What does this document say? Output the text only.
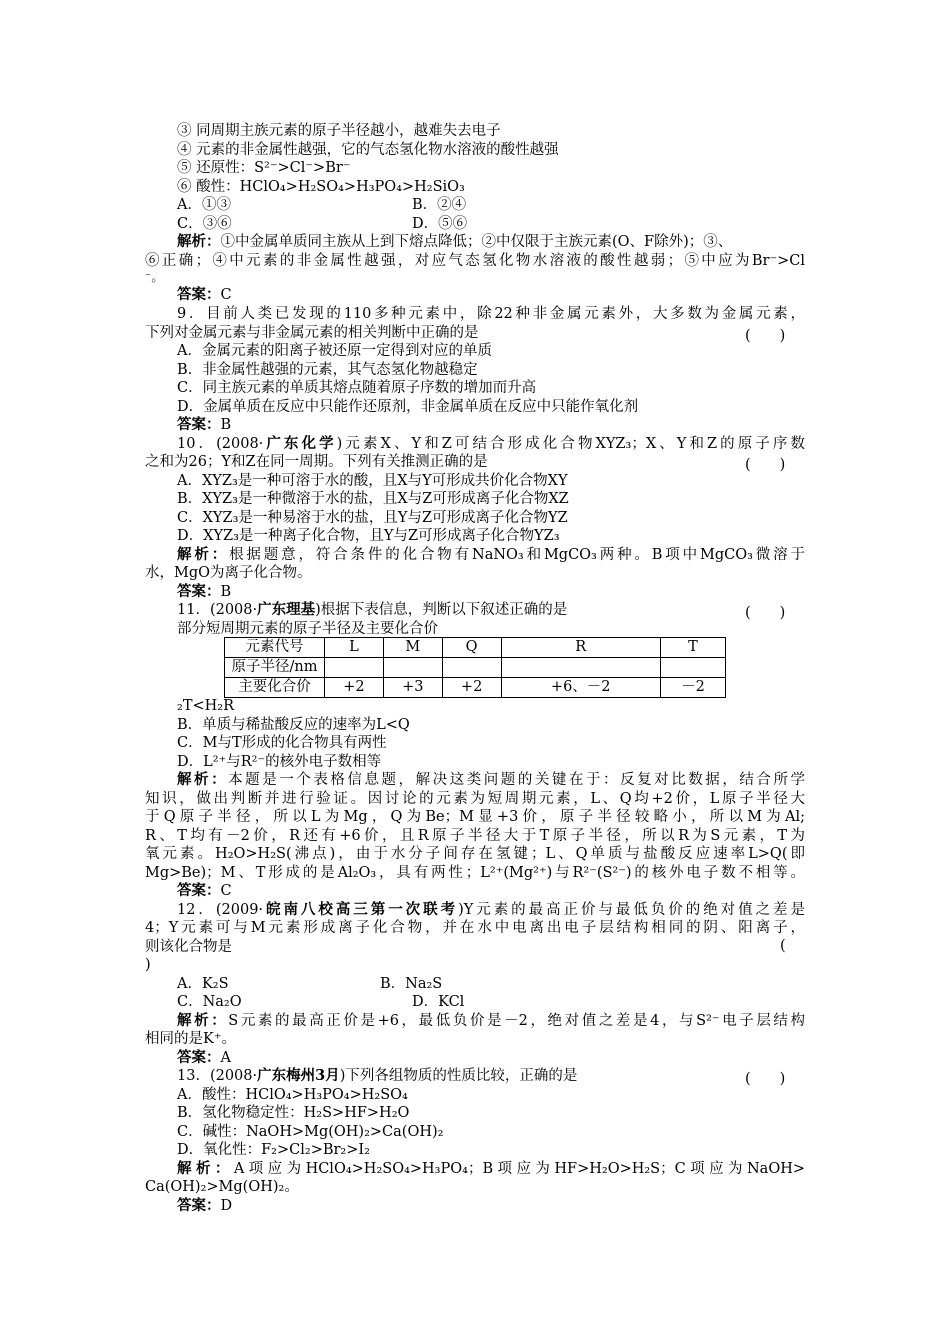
③ 同周期主族元素的原子半径越小，越难失去电子
④ 元素的非金属性越强，它的气态氢化物水溶液的酸性越强
⑤ 还原性：S²⁻>Cl⁻>Br⁻
⑥ 酸性：HClO₄>H₂SO₄>H₃PO₄>H₂SiO₃
A．①③	B．②④
C．③⑥	D．⑤⑥
解析：①中金属单质同主族从上到下熔点降低；②中仅限于主族元素(O、F除外)；③、
⑥正确；④中元素的非金属性越强，对应气态氢化物水溶液的酸性越弱；⑤中应为Br⁻>Cl
⁻。
答案：C
9．目前人类已发现的110多种元素中，除22种非金属元素外，大多数为金属元素，
下列对金属元素与非金属元素的相关判断中正确的是	(　　)
A．金属元素的阳离子被还原一定得到对应的单质
B．非金属性越强的元素，其气态氢化物越稳定
C．同主族元素的单质其熔点随着原子序数的增加而升高
D．金属单质在反应中只能作还原剂，非金属单质在反应中只能作氧化剂
答案：B
10．(2008·广东化学)元素X、Y和Z可结合形成化合物XYZ₃；X、Y和Z的原子序数
之和为26；Y和Z在同一周期。下列有关推测正确的是	(　　)
A．XYZ₃是一种可溶于水的酸，且X与Y可形成共价化合物XY
B．XYZ₃是一种微溶于水的盐，且X与Z可形成离子化合物XZ
C．XYZ₃是一种易溶于水的盐，且Y与Z可形成离子化合物YZ
D．XYZ₃是一种离子化合物，且Y与Z可形成离子化合物YZ₃
解析：根据题意，符合条件的化合物有NaNO₃和MgCO₃两种。B项中MgCO₃微溶于
水，MgO为离子化合物。
答案：B
11．(2008·广东理基)根据下表信息，判断以下叙述正确的是	(　　)
部分短周期元素的原子半径及主要化合价
元素代号	L	M	Q	R	T
原子半径/nm					
主要化合价	+2	+3	+2	+6、－2	－2
₂T<H₂R
B．单质与稀盐酸反应的速率为L<Q
C．M与T形成的化合物具有两性
D．L²⁺与R²⁻的核外电子数相等
解析：本题是一个表格信息题，解决这类问题的关键在于：反复对比数据，结合所学
知识，做出判断并进行验证。因讨论的元素为短周期元素，L、Q均+2价，L原子半径大
于Q原子半径，所以L为Mg，Q为Be；M显+3价，原子半径较略小，所以M为Al;
R、T均有－2价，R还有+6价，且R原子半径大于T原子半径，所以R为S元素，T为
氧元素。H₂O>H₂S(沸点)，由于水分子间存在氢键；L、Q单质与盐酸反应速率L>Q(即
Mg>Be)；M、T形成的是Al₂O₃，具有两性；L²⁺(Mg²⁺)与R²⁻(S²⁻)的核外电子数不相等。
答案：C
12．(2009·皖南八校高三第一次联考)Y元素的最高正价与最低负价的绝对值之差是
4；Y元素可与M元素形成离子化合物，并在水中电离出电子层结构相同的阴、阳离子，
则该化合物是	(
)
A．K₂S	B．Na₂S
C．Na₂O	D．KCl
解析：S元素的最高正价是+6，最低负价是－2，绝对值之差是4，与S²⁻电子层结构
相同的是K⁺。
答案：A
13．(2008·广东梅州3月)下列各组物质的性质比较，正确的是	(　　)
A．酸性：HClO₄>H₃PO₄>H₂SO₄
B．氢化物稳定性：H₂S>HF>H₂O
C．碱性：NaOH>Mg(OH)₂>Ca(OH)₂
D．氧化性：F₂>Cl₂>Br₂>I₂
解析：A项应为HClO₄>H₂SO₄>H₃PO₄；B项应为HF>H₂O>H₂S；C项应为NaOH>
Ca(OH)₂>Mg(OH)₂。
答案：D
